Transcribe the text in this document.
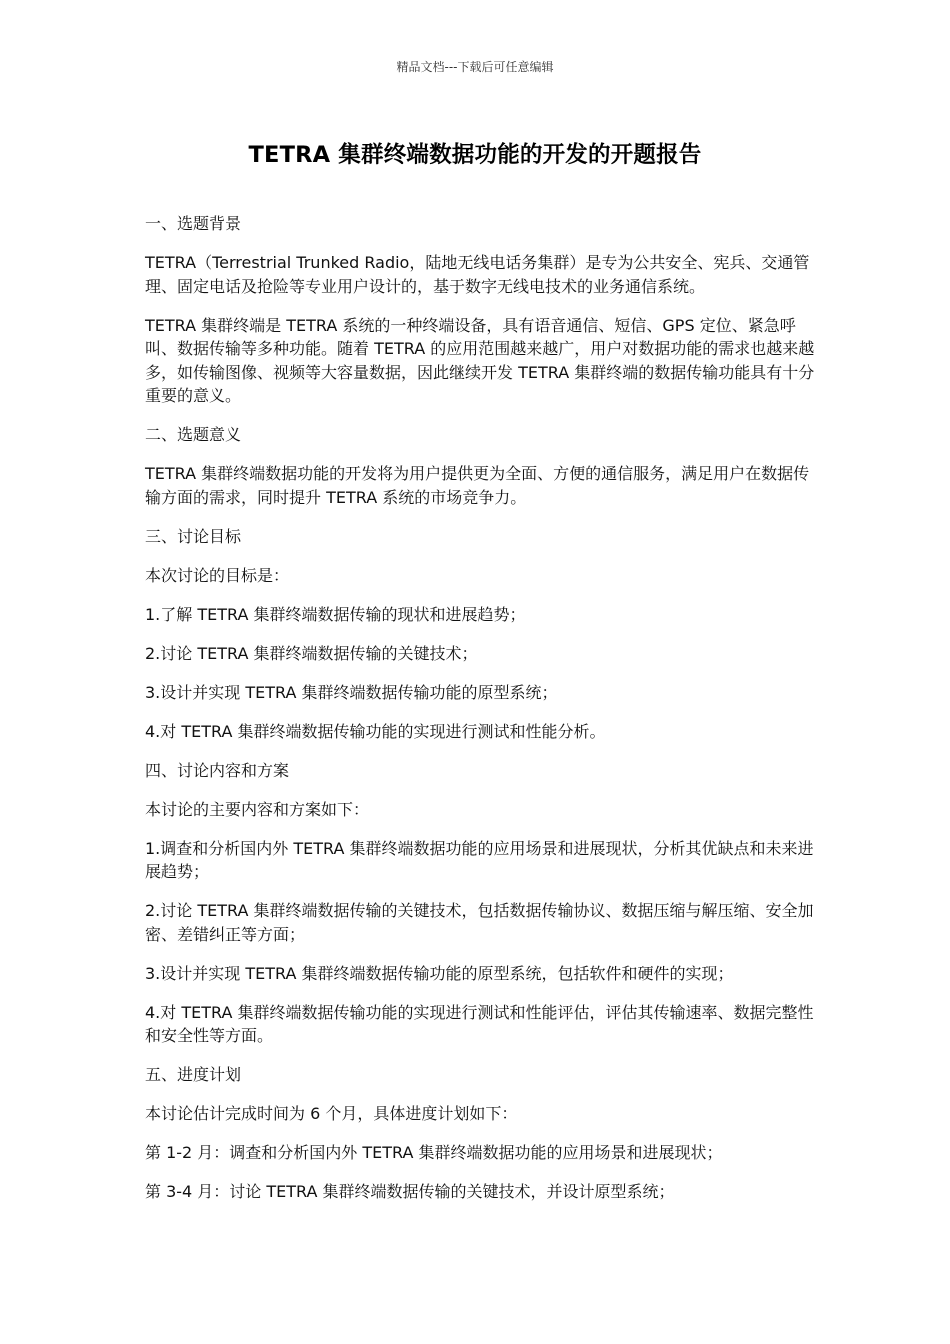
精品文档---下载后可任意编辑
TETRA 集群终端数据功能的开发的开题报告

一、选题背景

TETRA（Terrestrial Trunked Radio，陆地无线电话务集群）是专为公共安全、宪兵、交通管理、固定电话及抢险等专业用户设计的，基于数字无线电技术的业务通信系统。

TETRA 集群终端是 TETRA 系统的一种终端设备，具有语音通信、短信、GPS 定位、紧急呼叫、数据传输等多种功能。随着 TETRA 的应用范围越来越广，用户对数据功能的需求也越来越多，如传输图像、视频等大容量数据，因此继续开发 TETRA 集群终端的数据传输功能具有十分重要的意义。

二、选题意义

TETRA 集群终端数据功能的开发将为用户提供更为全面、方便的通信服务，满足用户在数据传输方面的需求，同时提升 TETRA 系统的市场竞争力。

三、讨论目标

本次讨论的目标是：

1.了解 TETRA 集群终端数据传输的现状和进展趋势；

2.讨论 TETRA 集群终端数据传输的关键技术；

3.设计并实现 TETRA 集群终端数据传输功能的原型系统；

4.对 TETRA 集群终端数据传输功能的实现进行测试和性能分析。

四、讨论内容和方案

本讨论的主要内容和方案如下：

1.调查和分析国内外 TETRA 集群终端数据功能的应用场景和进展现状，分析其优缺点和未来进展趋势；

2.讨论 TETRA 集群终端数据传输的关键技术，包括数据传输协议、数据压缩与解压缩、安全加密、差错纠正等方面；

3.设计并实现 TETRA 集群终端数据传输功能的原型系统，包括软件和硬件的实现；

4.对 TETRA 集群终端数据传输功能的实现进行测试和性能评估，评估其传输速率、数据完整性和安全性等方面。

五、进度计划

本讨论估计完成时间为 6 个月，具体进度计划如下：

第 1-2 月：调查和分析国内外 TETRA 集群终端数据功能的应用场景和进展现状；

第 3-4 月：讨论 TETRA 集群终端数据传输的关键技术，并设计原型系统；
